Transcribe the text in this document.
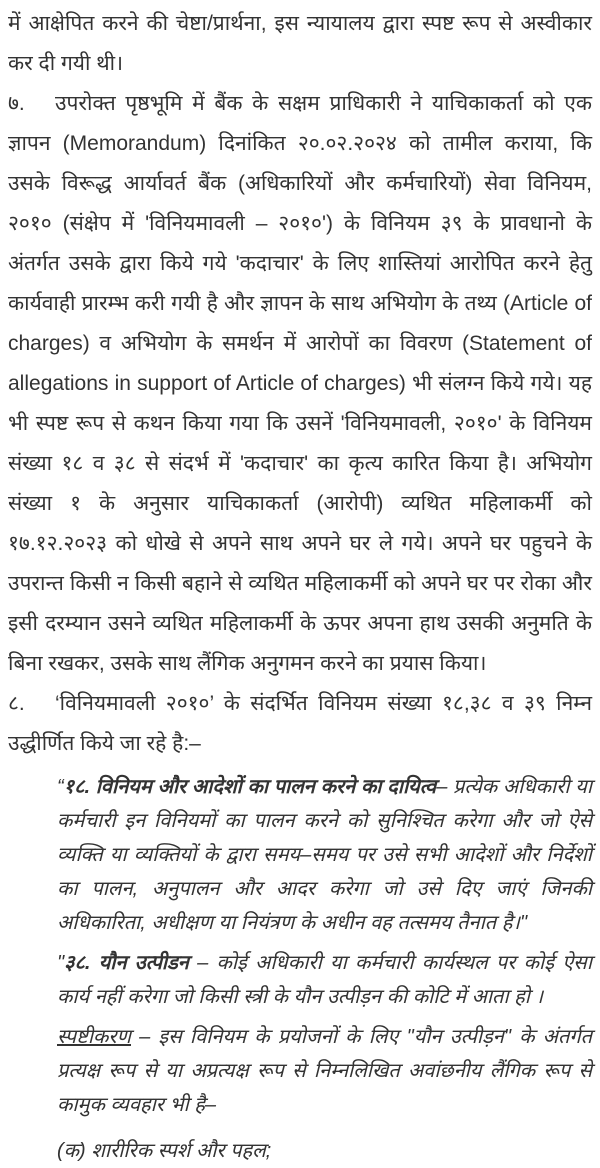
में आक्षेपित करने की चेष्टा/प्रार्थना, इस न्यायालय द्वारा स्पष्ट रूप से अस्वीकार कर दी गयी थी।

७. उपरोक्त पृष्ठभूमि में बैंक के सक्षम प्राधिकारी ने याचिकाकर्ता को एक ज्ञापन (Memorandum) दिनांकित २०.०२.२०२४ को तामील कराया, कि उसके विरूद्ध आर्यावर्त बैंक (अधिकारियों और कर्मचारियों) सेवा विनियम, २०१० (संक्षेप में 'विनियमावली – २०१०') के विनियम ३९ के प्रावधानो के अंतर्गत उसके द्वारा किये गये 'कदाचार' के लिए शास्तियां आरोपित करने हेतु कार्यवाही प्रारम्भ करी गयी है और ज्ञापन के साथ अभियोग के तथ्य (Article of charges) व अभियोग के समर्थन में आरोपों का विवरण (Statement of allegations in support of Article of charges) भी संलग्न किये गये। यह भी स्पष्ट रूप से कथन किया गया कि उसनें 'विनियमावली, २०१०' के विनियम संख्या १८ व ३८ से संदर्भ में 'कदाचार' का कृत्य कारित किया है। अभियोग संख्या १ के अनुसार याचिकाकर्ता (आरोपी) व्यथित महिलाकर्मी को १७.१२.२०२३ को धोखे से अपने साथ अपने घर ले गये। अपने घर पहुचने के उपरान्त किसी न किसी बहाने से व्यथित महिलाकर्मी को अपने घर पर रोका और इसी दरम्यान उसने व्यथित महिलाकर्मी के ऊपर अपना हाथ उसकी अनुमति के बिना रखकर, उसके साथ लैंगिक अनुगमन करने का प्रयास किया।

८. ‘विनियमावली २०१०’ के संदर्भित विनियम संख्या १८,३८ व ३९ निम्न उद्धीर्णित किये जा रहे है:–

“१८. विनियम और आदेशों का पालन करने का दायित्व– प्रत्येक अधिकारी या कर्मचारी इन विनियमों का पालन करने को सुनिश्चित करेगा और जो ऐसे व्यक्ति या व्यक्तियों के द्वारा समय–समय पर उसे सभी आदेशों और निर्देशों का पालन, अनुपालन और आदर करेगा जो उसे दिए जाएं जिनकी अधिकारिता, अधीक्षण या नियंत्रण के अधीन वह तत्समय तैनात है।"

"३८. यौन उत्पीडन – कोई अधिकारी या कर्मचारी कार्यस्थल पर कोई ऐसा कार्य नहीं करेगा जो किसी स्त्री के यौन उत्पीड़न की कोटि में आता हो ।

स्पष्टीकरण – इस विनियम के प्रयोजनों के लिए "यौन उत्पीड़न" के अंतर्गत प्रत्यक्ष रूप से या अप्रत्यक्ष रूप से निम्नलिखित अवांछनीय लैंगिक रूप से कामुक व्यवहार भी है–

(क) शारीरिक स्पर्श और पहल;
